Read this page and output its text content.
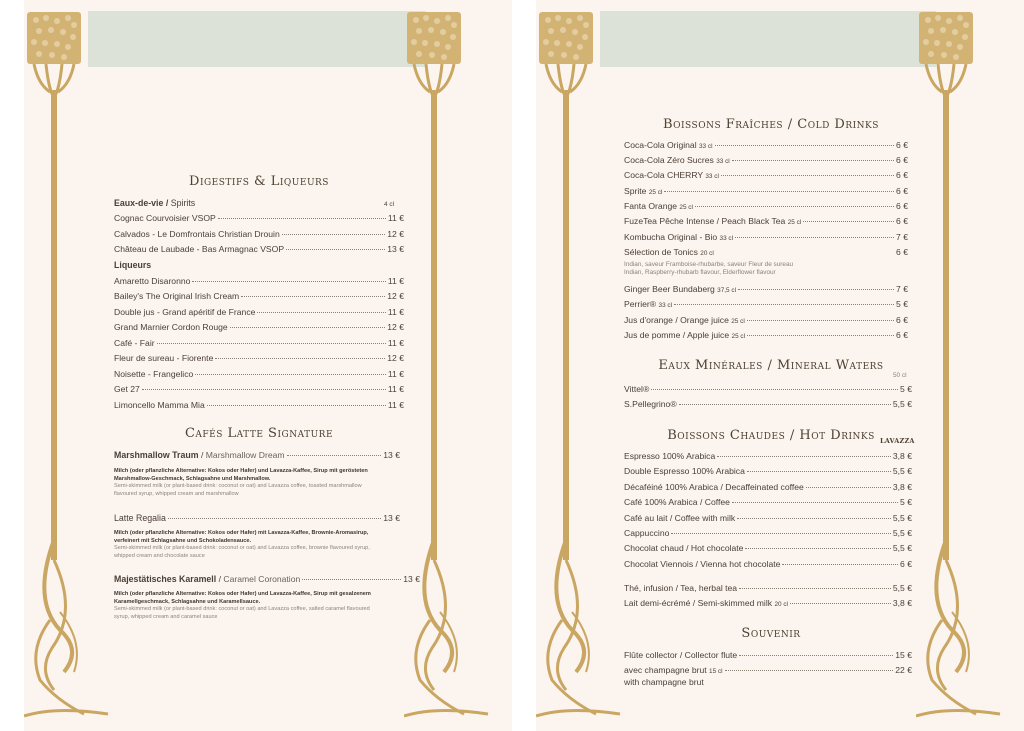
Digestifs & Liqueurs
Eaux-de-vie / Spirits	4 cl
Cognac Courvoisier VSOP	11 €
Calvados - Le Domfrontais Christian Drouin	12 €
Château de Laubade - Bas Armagnac VSOP	13 €
Liqueurs
Amaretto Disaronno	11 €
Bailey's The Original Irish Cream	12 €
Double jus - Grand apéritif de France	11 €
Grand Marnier Cordon Rouge	12 €
Café - Fair	11 €
Fleur de sureau - Fiorente	12 €
Noisette - Frangelico	11 €
Get 27	11 €
Limoncello Mamma Mia	11 €
Cafés Latte Signature
Marshmallow Traum / Marshmallow Dream	13 €
Milch (oder pflanzliche Alternative: Kokos oder Hafer) und Lavazza-Kaffee, Sirup mit gerösteten Marshmallow-Geschmack, Schlagsahne und Marshmallow.
Semi-skimmed milk (or plant-based drink: coconut or oat) and Lavazza coffee, toasted marshmallow flavoured syrup, whipped cream and marshmallow
Latte Regalia	13 €
Milch (oder pflanzliche Alternative: Kokos oder Hafer) mit Lavazza-Kaffee, Brownie-Aromasirup, verfeinert mit Schlagsahne und Schokoladensauce.
Semi-skimmed milk (or plant-based drink: coconut or oat) and Lavazza coffee, brownie flavoured syrup, whipped cream and chocolate sauce
Majestätisches Karamell / Caramel Coronation	13 €
Milch (oder pflanzliche Alternative: Kokos oder Hafer) und Lavazza-Kaffee, Sirup mit gesalzenem Karamellgeschmack, Schlagsahne und Karamellsauce.
Semi-skimmed milk (or plant-based drink: coconut or oat) and Lavazza coffee, salted caramel flavoured syrup, whipped cream and caramel sauce
Boissons Fraîches / Cold Drinks
Coca-Cola Original 33 cl	6 €
Coca-Cola Zéro Sucres 33 cl	6 €
Coca-Cola CHERRY 33 cl	6 €
Sprite 25 cl	6 €
Fanta Orange 25 cl	6 €
FuzeTea Pêche Intense / Peach Black Tea 25 cl	6 €
Kombucha Original - Bio 33 cl	7 €
Sélection de Tonics 20 cl	6 €
Indian, saveur Framboise-rhubarbe, saveur Fleur de sureau
Indian, Raspberry-rhubarb flavour, Elderflower flavour
Ginger Beer Bundaberg 37,5 cl	7 €
Perrier® 33 cl	5 €
Jus d'orange / Orange juice 25 cl	6 €
Jus de pomme / Apple juice 25 cl	6 €
Eaux Minérales / Mineral Waters
50 cl
Vittel®	5 €
S.Pellegrino®	5,5 €
Boissons Chaudes / Hot Drinks LAVAZZA
Espresso 100% Arabica	3,8 €
Double Espresso 100% Arabica	5,5 €
Décaféiné 100% Arabica / Decaffeinated coffee	3,8 €
Café 100% Arabica / Coffee	5 €
Café au lait / Coffee with milk	5,5 €
Cappuccino	5,5 €
Chocolat chaud / Hot chocolate	5,5 €
Chocolat Viennois / Vienna hot chocolate	6 €
Thé, infusion / Tea, herbal tea	5,5 €
Lait demi-écrémé / Semi-skimmed milk 20 cl	3,8 €
Souvenir
Flûte collector / Collector flute	15 €
avec champagne brut 15 cl	22 €
with champagne brut
